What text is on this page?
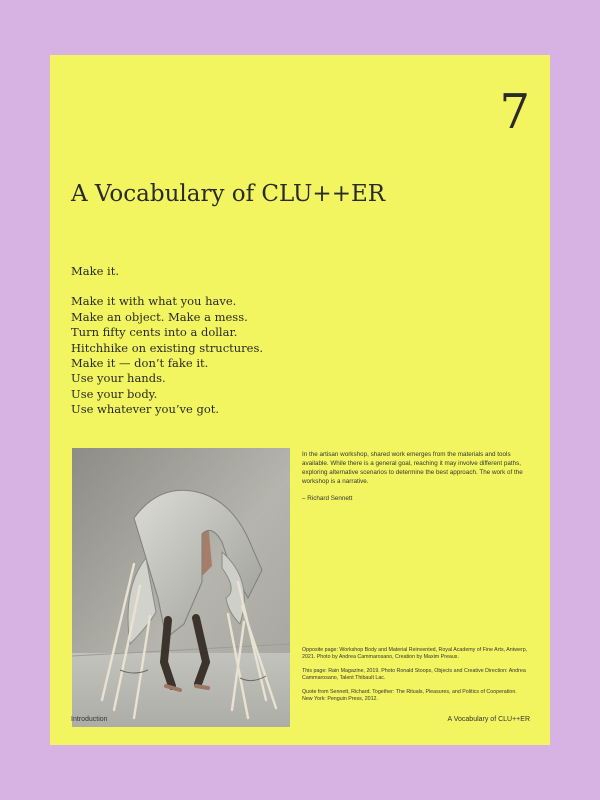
7
A Vocabulary of CLU++ER
Make it.
Make it with what you have.
Make an object. Make a mess.
Turn fifty cents into a dollar.
Hitchhike on existing structures.
Make it — don’t fake it.
Use your hands.
Use your body.
Use whatever you’ve got.

In the artisan workshop, shared work emerges from the materials and tools available. While there is a general goal, reaching it may involve different paths, exploring alternative scenarios to determine the best approach. The work of the workshop is a narrative.

– Richard Sennett

Opposite page: Workshop Body and Material Reinvented, Royal Academy of Fine Arts, Antwerp, 2021. Photo by Andrea Cammarosano, Creation by Maxim Preaux.

This page: Rain Magazine, 2019. Photo Ronald Stoops, Objects and Creative Direction: Andrea Cammarosano, Talent Thibault Lac.

Quote from Sennett, Richard. Together: The Rituals, Pleasures, and Politics of Cooperation. New York: Penguin Press, 2012.

Introduction	A Vocabulary of CLU++ER
